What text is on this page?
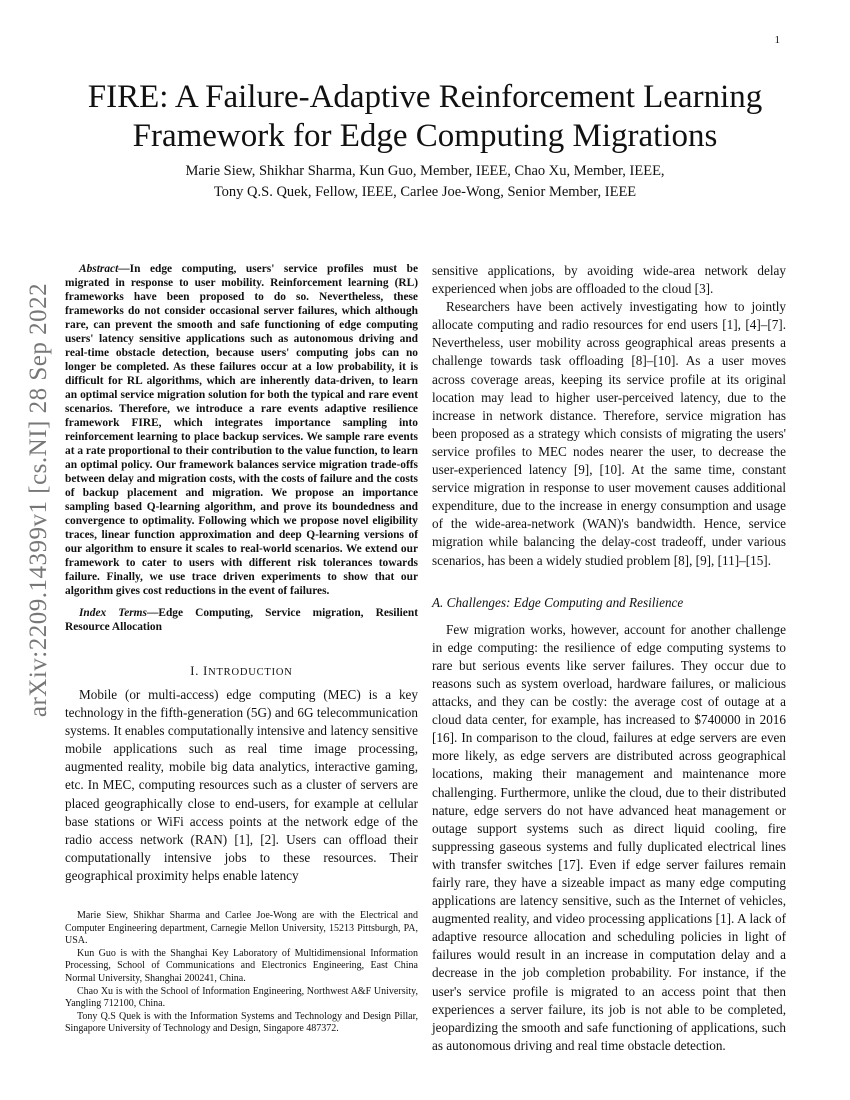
1
arXiv:2209.14399v1 [cs.NI] 28 Sep 2022
FIRE: A Failure-Adaptive Reinforcement Learning Framework for Edge Computing Migrations

Marie Siew, Shikhar Sharma, Kun Guo, Member, IEEE, Chao Xu, Member, IEEE,

Tony Q.S. Quek, Fellow, IEEE, Carlee Joe-Wong, Senior Member, IEEE

Abstract—In edge computing, users' service profiles must be migrated in response to user mobility. Reinforcement learning (RL) frameworks have been proposed to do so. Nevertheless, these frameworks do not consider occasional server failures, which although rare, can prevent the smooth and safe functioning of edge computing users' latency sensitive applications such as autonomous driving and real-time obstacle detection, because users' computing jobs can no longer be completed. As these failures occur at a low probability, it is difficult for RL algorithms, which are inherently data-driven, to learn an optimal service migration solution for both the typical and rare event scenarios. Therefore, we introduce a rare events adaptive resilience framework FIRE, which integrates importance sampling into reinforcement learning to place backup services. We sample rare events at a rate proportional to their contribution to the value function, to learn an optimal policy. Our framework balances service migration trade-offs between delay and migration costs, with the costs of failure and the costs of backup placement and migration. We propose an importance sampling based Q-learning algorithm, and prove its boundedness and convergence to optimality. Following which we propose novel eligibility traces, linear function approximation and deep Q-learning versions of our algorithm to ensure it scales to real-world scenarios. We extend our framework to cater to users with different risk tolerances towards failure. Finally, we use trace driven experiments to show that our algorithm gives cost reductions in the event of failures.

Index Terms—Edge Computing, Service migration, Resilient Resource Allocation

I. INTRODUCTION

Mobile (or multi-access) edge computing (MEC) is a key technology in the fifth-generation (5G) and 6G telecommunication systems. It enables computationally intensive and latency sensitive mobile applications such as real time image processing, augmented reality, mobile big data analytics, interactive gaming, etc. In MEC, computing resources such as a cluster of servers are placed geographically close to end-users, for example at cellular base stations or WiFi access points at the network edge of the radio access network (RAN) [1], [2]. Users can offload their computationally intensive jobs to these resources. Their geographical proximity helps enable latency

Marie Siew, Shikhar Sharma and Carlee Joe-Wong are with the Electrical and Computer Engineering department, Carnegie Mellon University, 15213 Pittsburgh, PA, USA.

Kun Guo is with the Shanghai Key Laboratory of Multidimensional Information Processing, School of Communications and Electronics Engineering, East China Normal University, Shanghai 200241, China.

Chao Xu is with the School of Information Engineering, Northwest A&F University, Yangling 712100, China.

Tony Q.S Quek is with the Information Systems and Technology and Design Pillar, Singapore University of Technology and Design, Singapore 487372.

sensitive applications, by avoiding wide-area network delay experienced when jobs are offloaded to the cloud [3].

Researchers have been actively investigating how to jointly allocate computing and radio resources for end users [1], [4]–[7]. Nevertheless, user mobility across geographical areas presents a challenge towards task offloading [8]–[10]. As a user moves across coverage areas, keeping its service profile at its original location may lead to higher user-perceived latency, due to the increase in network distance. Therefore, service migration has been proposed as a strategy which consists of migrating the users' service profiles to MEC nodes nearer the user, to decrease the user-experienced latency [9], [10]. At the same time, constant service migration in response to user movement causes additional expenditure, due to the increase in energy consumption and usage of the wide-area-network (WAN)'s bandwidth. Hence, service migration while balancing the delay-cost tradeoff, under various scenarios, has been a widely studied problem [8], [9], [11]–[15].

A. Challenges: Edge Computing and Resilience

Few migration works, however, account for another challenge in edge computing: the resilience of edge computing systems to rare but serious events like server failures. They occur due to reasons such as system overload, hardware failures, or malicious attacks, and they can be costly: the average cost of outage at a cloud data center, for example, has increased to $740000 in 2016 [16]. In comparison to the cloud, failures at edge servers are even more likely, as edge servers are distributed across geographical locations, making their management and maintenance more challenging. Furthermore, unlike the cloud, due to their distributed nature, edge servers do not have advanced heat management or outage support systems such as direct liquid cooling, fire suppressing gaseous systems and fully duplicated electrical lines with transfer switches [17]. Even if edge server failures remain fairly rare, they have a sizeable impact as many edge computing applications are latency sensitive, such as the Internet of vehicles, augmented reality, and video processing applications [1]. A lack of adaptive resource allocation and scheduling policies in light of failures would result in an increase in computation delay and a decrease in the job completion probability. For instance, if the user's service profile is migrated to an access point that then experiences a server failure, its job is not able to be completed, jeopardizing the smooth and safe functioning of applications, such as autonomous driving and real time obstacle detection.
